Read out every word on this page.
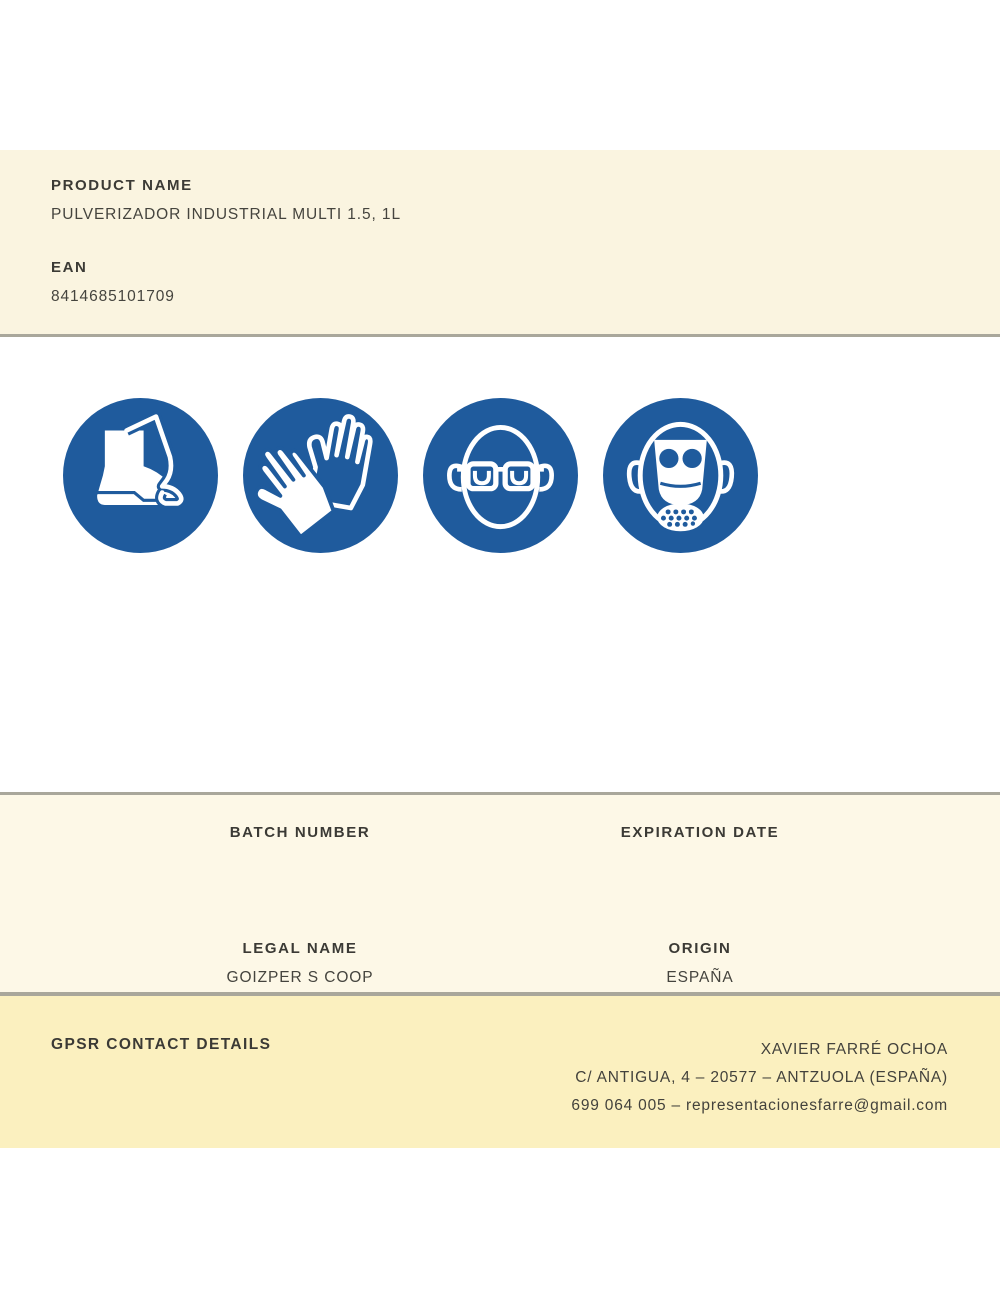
PRODUCT NAME

PULVERIZADOR INDUSTRIAL MULTI 1.5, 1L

EAN

8414685101709

BATCH NUMBER	EXPIRATION DATE

LEGAL NAME

GOIZPER S COOP

ORIGIN

ESPAÑA

GPSR CONTACT DETAILS	XAVIER FARRÉ OCHOA
C/ ANTIGUA, 4 – 20577 – ANTZUOLA (ESPAÑA)
699 064 005 – representacionesfarre@gmail.com
